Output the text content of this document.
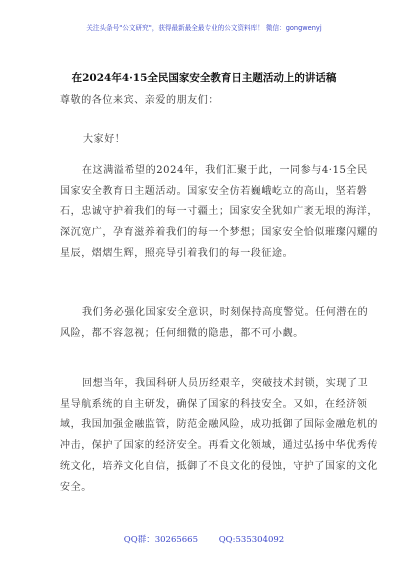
关注头条号"公文研究"，获得最新最全最专业的公文资料库！ 微信：gongwenyj
在2024年4·15全民国家安全教育日主题活动上的讲话稿
尊敬的各位来宾、亲爱的朋友们：
大家好！
在这满溢希望的2024年，我们汇聚于此，一同参与4·15全民国家安全教育日主题活动。国家安全仿若巍峨屹立的高山，坚若磐石，忠诚守护着我们的每一寸疆土；国家安全犹如广袤无垠的海洋，深沉宽广，孕育滋养着我们的每一个梦想；国家安全恰似璀璨闪耀的星辰，熠熠生辉，照亮导引着我们的每一段征途。
我们务必强化国家安全意识，时刻保持高度警觉。任何潜在的风险，都不容忽视；任何细微的隐患，都不可小觑。
回想当年，我国科研人员历经艰辛，突破技术封锁，实现了卫星导航系统的自主研发，确保了国家的科技安全。又如，在经济领域，我国加强金融监管，防范金融风险，成功抵御了国际金融危机的冲击，保护了国家的经济安全。再看文化领域，通过弘扬中华优秀传统文化，培养文化自信，抵御了不良文化的侵蚀，守护了国家的文化安全。
QQ群：30265665 QQ:535304092
